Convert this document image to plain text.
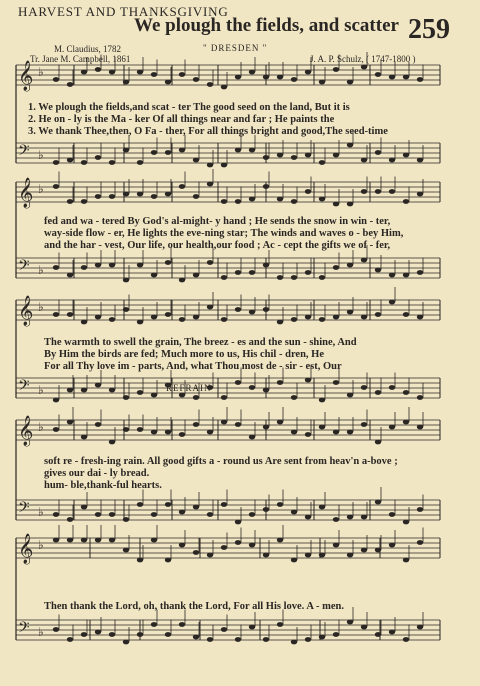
HARVEST AND THANKSGIVING
We plough the fields, and scatter 259
M. Claudius, 1782
Tr. Jane M. Campbell, 1861
" DRESDEN "
J. A. P. Schulz, ( 1747-1800 )
𝄞 ♭
𝄢 ♭
𝄞 ♭
𝄢 ♭
𝄞 ♭
𝄢 ♭
𝄞 ♭
𝄢 ♭
𝄞 ♭
𝄢 ♭
1. We plough the fields,and scat - ter The good seed on the land, But it is
2. He on - ly is the Ma - ker Of all things near and far ; He paints the
3. We thank Thee,then, O Fa - ther, For all things bright and good,The seed-time
fed and wa - tered By God's al-might- y hand ; He sends the snow in win - ter,
way-side flow - er, He lights the eve-ning star; The winds and waves o - bey Him,
and the har - vest, Our life, our health,our food ; Ac - cept the gifts we of - fer,
The warmth to swell the grain, The breez - es and the sun - shine, And
By Him the birds are fed; Much more to us, His chil - dren, He
For all Thy love im - parts, And, what Thou most de - sir - est, Our
REFRAIN
soft re - fresh-ing rain. All good gifts a - round us Are sent from heav'n a-bove ;
gives our dai - ly bread.
hum- ble,thank-ful hearts.
Then thank the Lord, oh, thank the Lord, For all His love. A - men.
